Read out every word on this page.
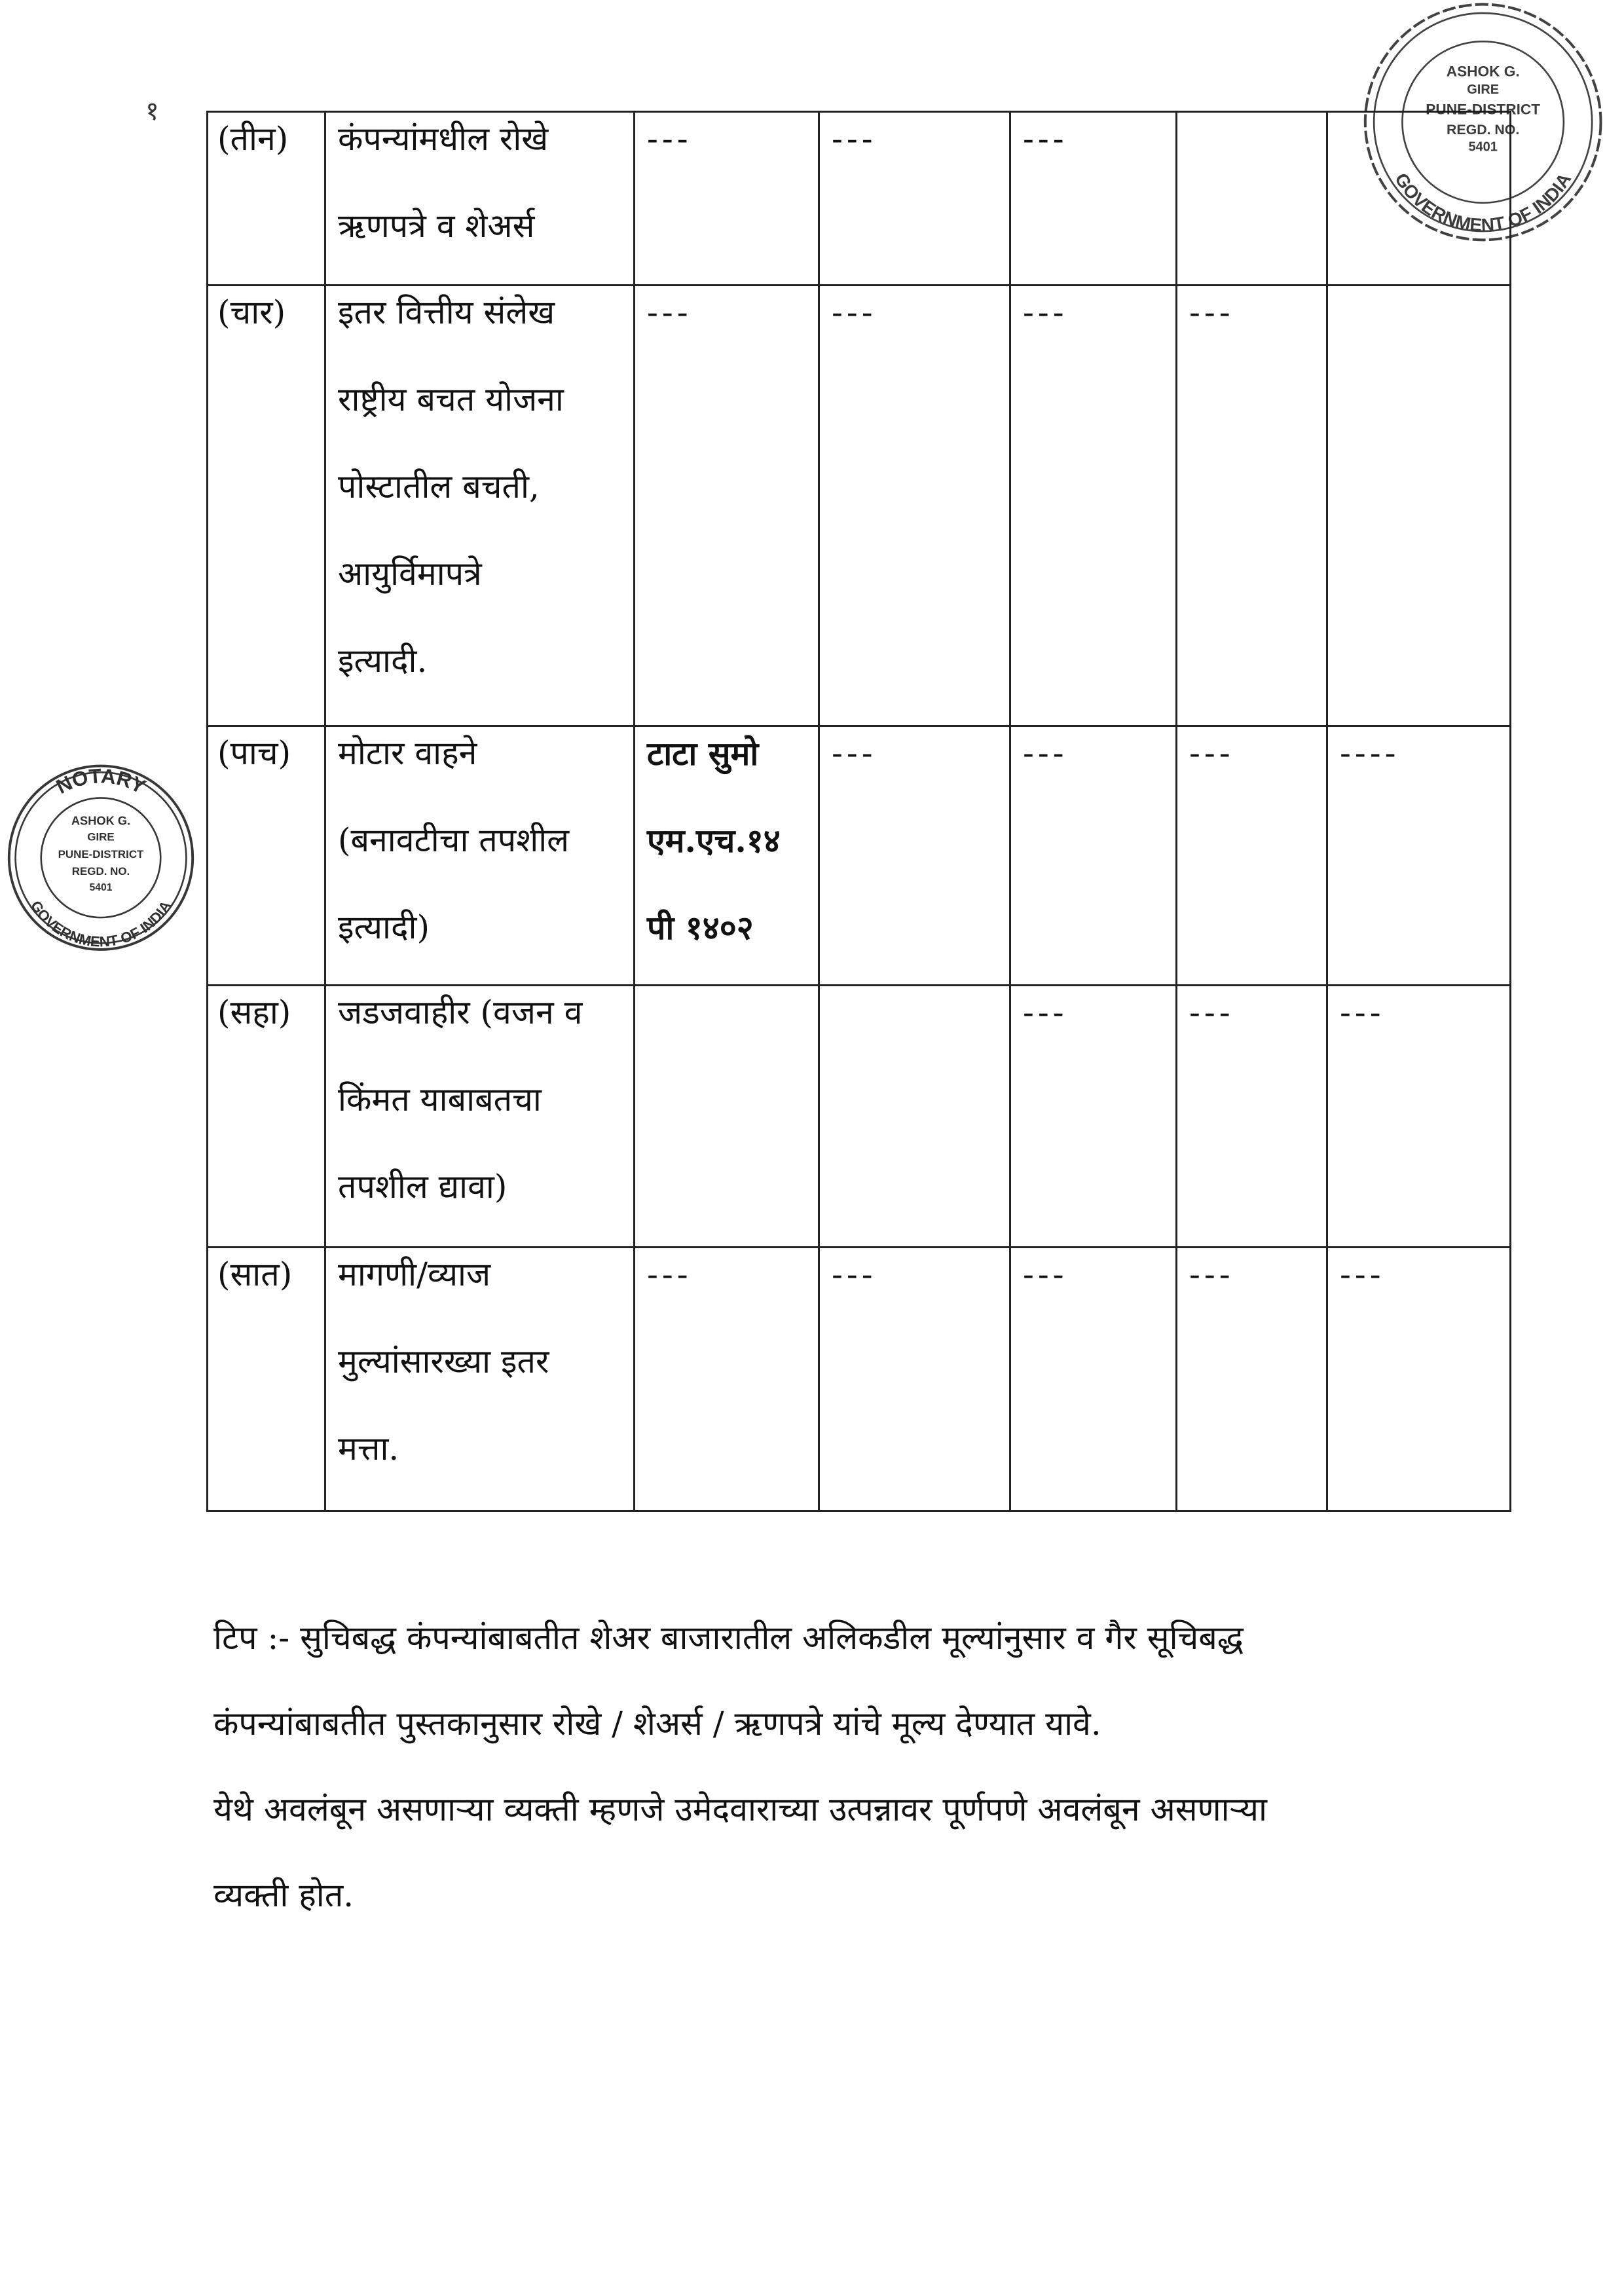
१
(तीन)	कंपन्यांमधील रोखे
ऋणपत्रे व शेअर्स	---	---	---		

(चार)	इतर वित्तीय संलेख
राष्ट्रीय बचत योजना
पोस्टातील बचती,
आयुर्विमापत्रे
इत्यादी.	---	---	---	---	

(पाच)	मोटार वाहने
(बनावटीचा तपशील
इत्यादी)	टाटा सुमो
एम.एच.१४
पी १४०२	---	---	---	----

(सहा)	जडजवाहीर (वजन व
किंमत याबाबतचा
तपशील द्यावा)			---	---	---

(सात)	मागणी/व्याज
मुल्यांसारख्या इतर
मत्ता.	---	---	---	---	---
टिप :- सुचिबद्ध कंपन्यांबाबतीत शेअर बाजारातील अलिकडील मूल्यांनुसार व गैर सूचिबद्ध
कंपन्यांबाबतीत पुस्तकानुसार रोखे / शेअर्स / ऋणपत्रे यांचे मूल्य देण्यात यावे.
येथे अवलंबून असणाऱ्या व्यक्ती म्हणजे उमेदवाराच्या उत्पन्नावर पूर्णपणे अवलंबून असणाऱ्या
व्यक्ती होत.
ASHOK G.
GIRE
PUNE-DISTRICT
REGD. NO.
5401
GOVERNMENT OF INDIA
NOTARY
GOVERNMENT OF INDIA
ASHOK G.
GIRE
PUNE-DISTRICT
REGD. NO.
5401
